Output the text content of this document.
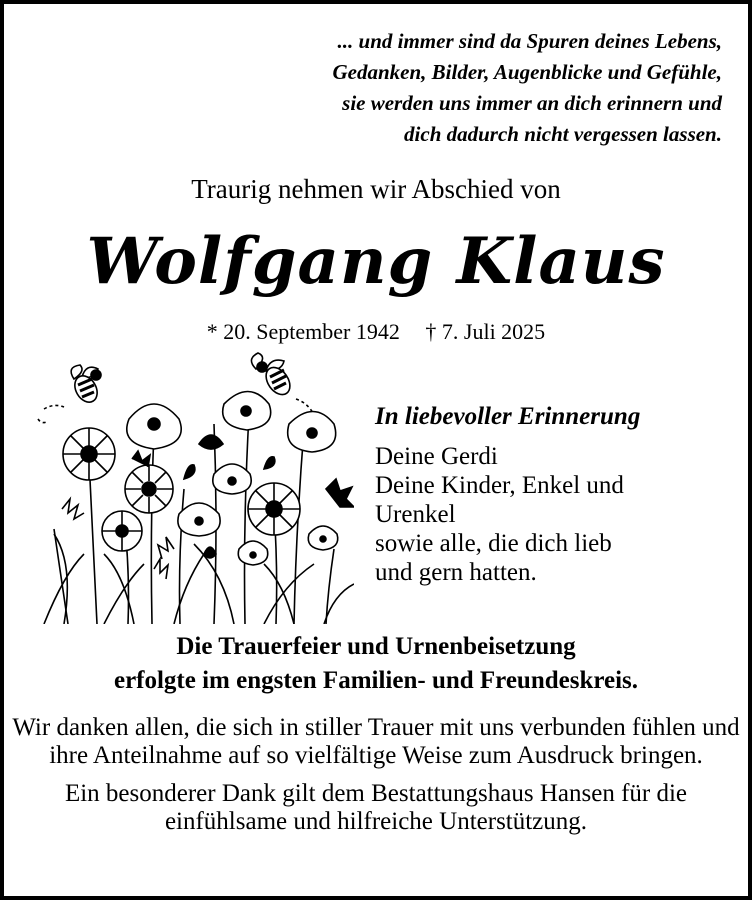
... und immer sind da Spuren deines Lebens,
Gedanken, Bilder, Augenblicke und Gefühle,
sie werden uns immer an dich erinnern und
dich dadurch nicht vergessen lassen.
Traurig nehmen wir Abschied von
Wolfgang Klaus
* 20. September 1942 † 7. Juli 2025
In liebevoller Erinnerung
Deine Gerdi
Deine Kinder, Enkel und
Urenkel
sowie alle, die dich lieb
und gern hatten.
Die Trauerfeier und Urnenbeisetzung
erfolgte im engsten Familien- und Freundeskreis.

Wir danken allen, die sich in stiller Trauer mit uns verbunden fühlen und ihre Anteilnahme auf so vielfältige Weise zum Ausdruck bringen.

Ein besonderer Dank gilt dem Bestattungshaus Hansen für die einfühlsame und hilfreiche Unterstützung.
